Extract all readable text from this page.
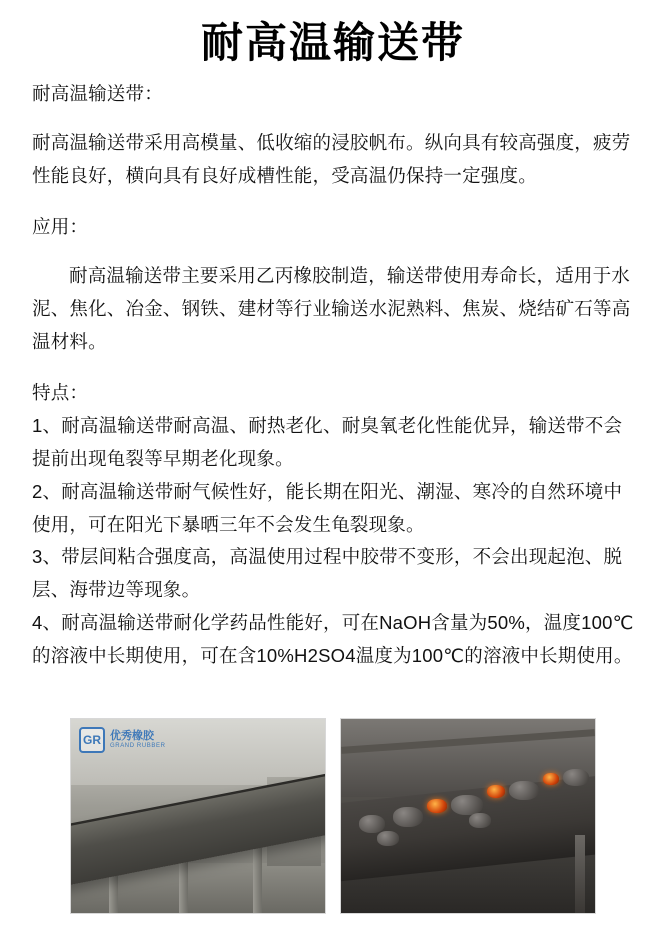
耐高温输送带

耐高温输送带：

耐高温输送带采用高模量、低收缩的浸胶帆布。纵向具有较高强度，疲劳性能良好，横向具有良好成槽性能，受高温仍保持一定强度。

应用：

耐高温输送带主要采用乙丙橡胶制造，输送带使用寿命长，适用于水泥、焦化、冶金、钢铁、建材等行业输送水泥熟料、焦炭、烧结矿石等高温材料。

特点：

1、耐高温输送带耐高温、耐热老化、耐臭氧老化性能优异，输送带不会提前出现龟裂等早期老化现象。

2、耐高温输送带耐气候性好，能长期在阳光、潮湿、寒冷的自然环境中使用，可在阳光下暴晒三年不会发生龟裂现象。

3、带层间粘合强度高，高温使用过程中胶带不变形，不会出现起泡、脱层、海带边等现象。

4、耐高温输送带耐化学药品性能好，可在NaOH含量为50%，温度100℃的溶液中长期使用，可在含10%H2SO4温度为100℃的溶液中长期使用。

GR 优秀橡胶
GRAND RUBBER
